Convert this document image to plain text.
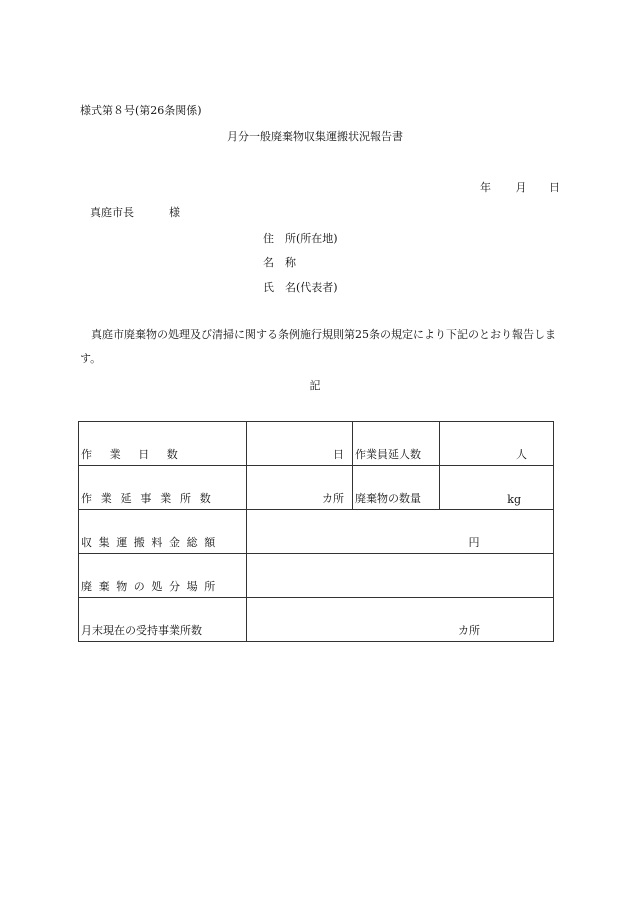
様式第８号(第26条関係)
月分一般廃棄物収集運搬状況報告書
年 月 日
真庭市長	様
住　所(所在地)
名　称
氏　名(代表者)
真庭市廃棄物の処理及び清掃に関する条例施行規則第25条の規定により下記のとおり報告します。
記
作業日数	日	作業員延人数	人
作業延事業所数	カ所	廃棄物の数量	kg
収集運搬料金総額	円		
廃棄物の処分場所			
月末現在の受持事業所数	カ所		
